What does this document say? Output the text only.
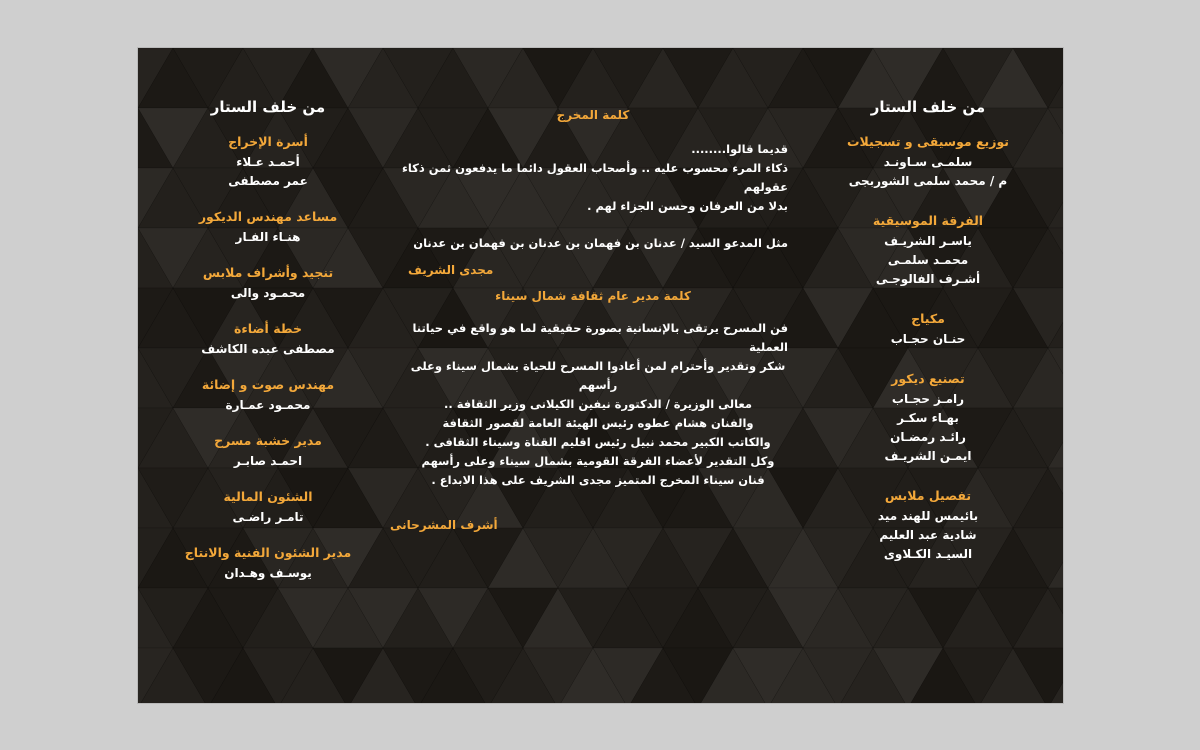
من خلف الستار
أسرة الإخراج
أحمـد عـلاء
عمر مصطفى
مساعد مهندس الديكور
هنـاء الفـار
تنجيد وأشراف ملابس
محمـود والى
خطة أضاءة
مصطفى عبده الكاشف
مهندس صوت و إضائة
محمـود عمـارة
مدير خشبة مسرح
احمـد صابـر
الشئون المالية
تامـر راضـى
مدير الشئون الفنية والانتاج
يوسـف وهـدان
كلمة المخرج
قديما قالوا........
ذكاء المرء محسوب عليه .. وأصحاب العقول دائما ما يدفعون ثمن ذكاء عقولهم
بدلا من العرفان وحسن الجزاء لهم .
مثل المدعو السيد / عدنان بن فهمان بن عدنان بن فهمان بن عدنان
مجدى الشريف
كلمة مدير عام ثقافة شمال سيناء
فن المسرح يرتقى بالإنسانية بصورة حقيقية لما هو واقع في حياتنا العملية
شكر وتقدير وأحترام لمن أعادوا المسرح للحياة بشمال سيناء وعلى رأسهم
معالى الوزيرة / الدكتورة نيفين الكيلانى وزير الثقافة ..
والفنان هشام عطوه رئيس الهيئة العامة لقصور الثقافة
والكاتب الكبير محمد نبيل رئيس اقليم القناة وسيناء الثقافى .
وكل التقدير لأعضاء الفرقة القومية بشمال سيناء وعلى رأسهم
فنان سيناء المخرج المتميز مجدى الشريف على هذا الابداع .
أشرف المشرحانى
من خلف الستار
توزيع موسيقى و تسجيلات
سلمـى سـاونـد
م / محمد سلمى الشوربجى
الفرقة الموسيقية
ياسـر الشريـف
محمـد سلمـى
أشـرف الفالوجـى
مكياج
حنـان حجـاب
تصنيع ديكور
رامـز حجـاب
بهـاء سكـر
رائـد رمضـان
ايمـن الشريـف
تفصيل ملابس
بائيمس للهند ميد
شادية عبد العليم
السيـد الكـلاوى
